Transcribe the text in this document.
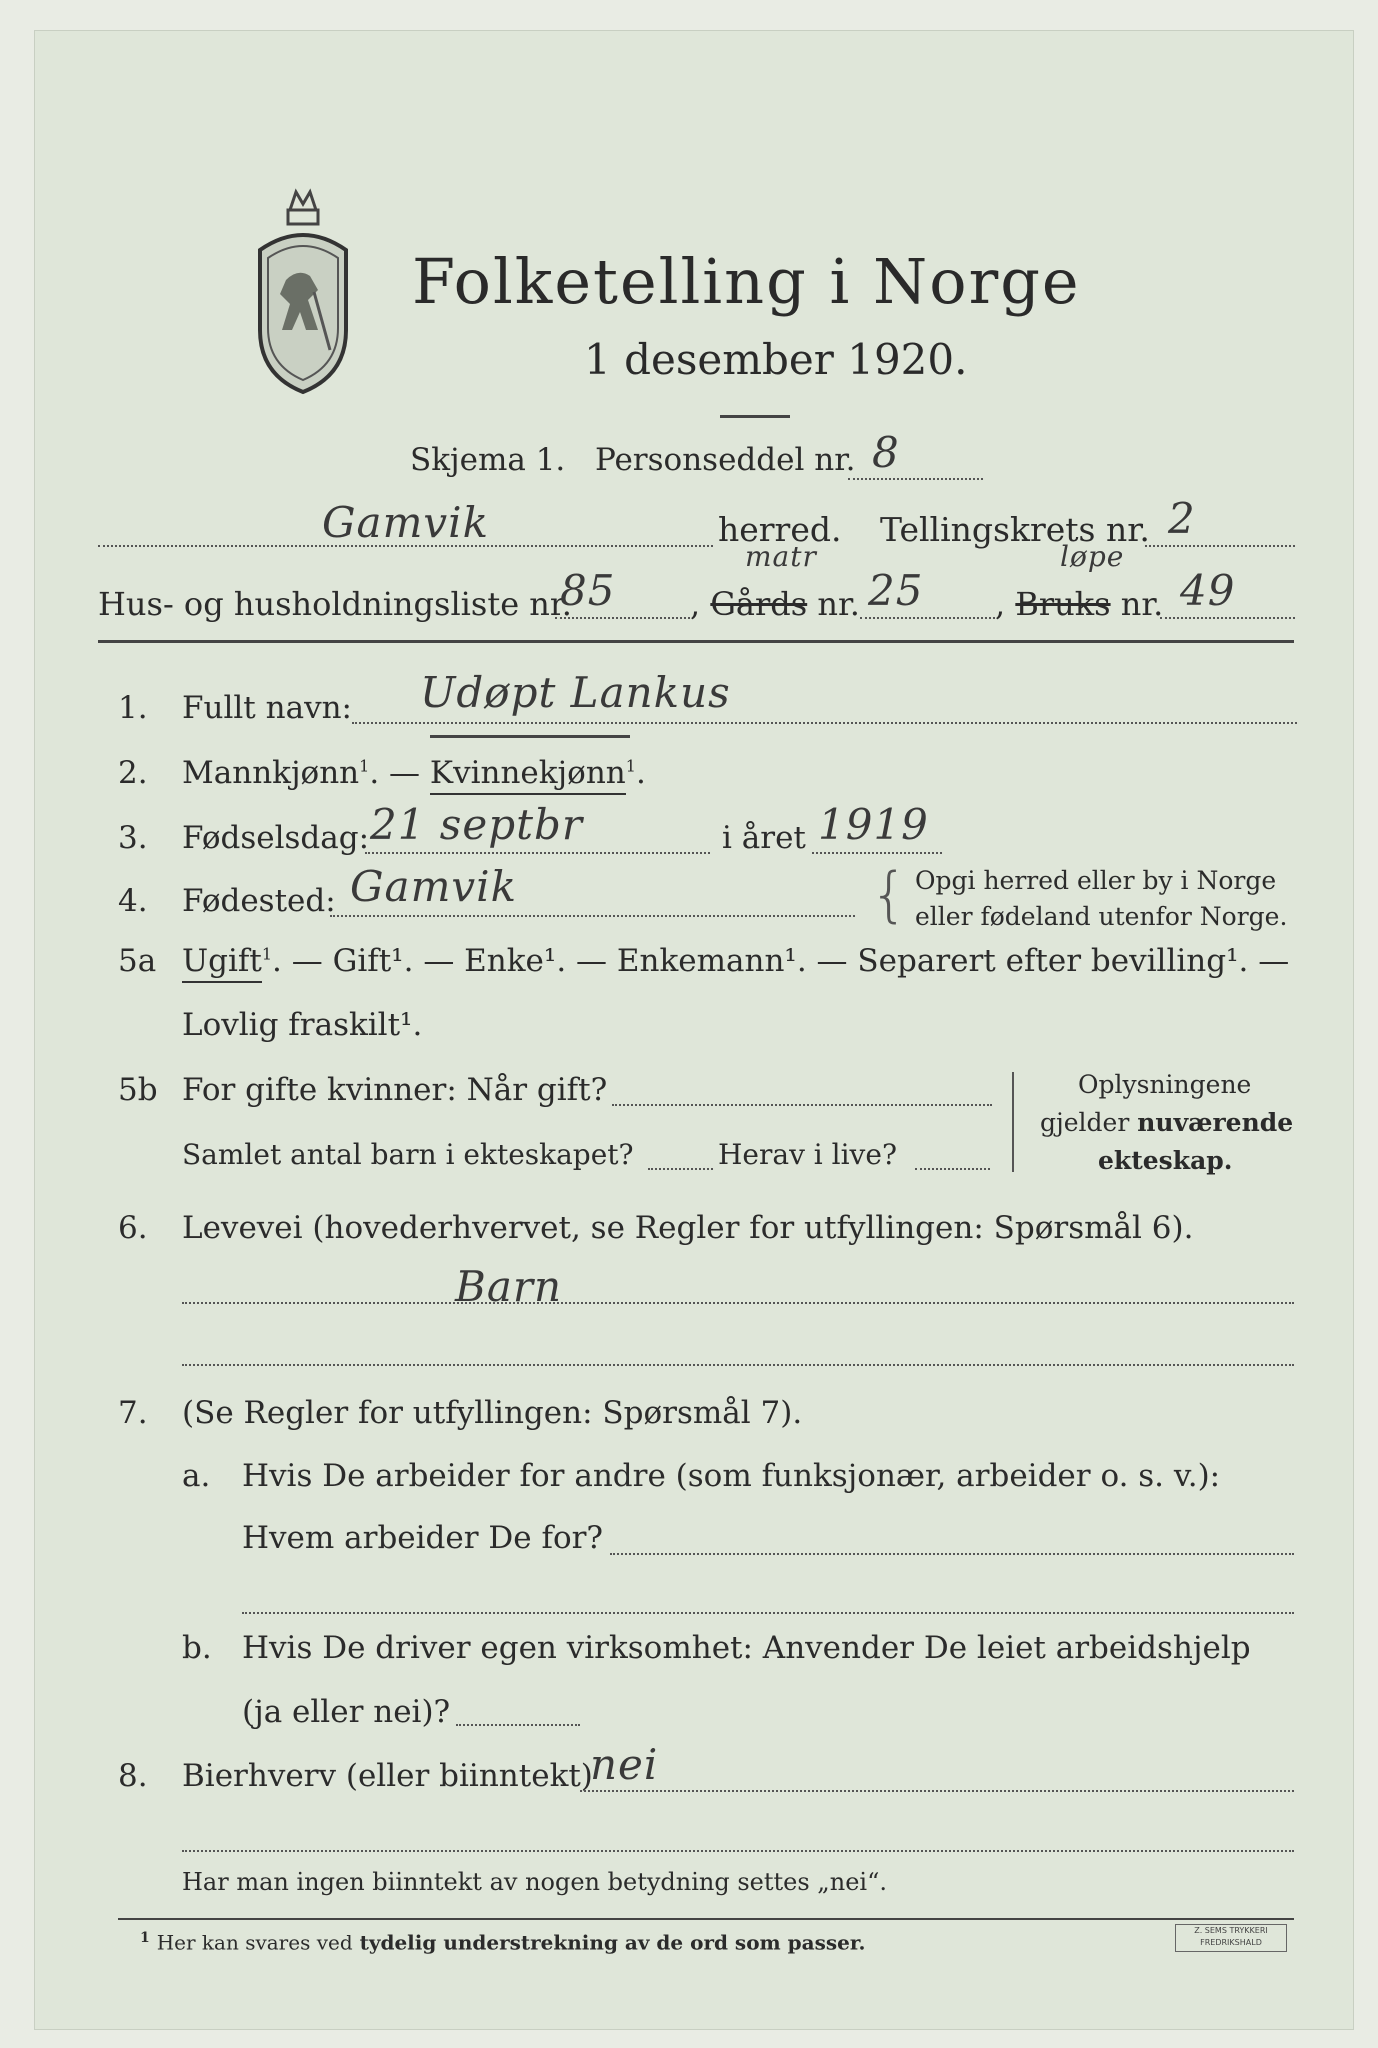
Folketelling i Norge
1 desember 1920.
Skjema 1. Personseddel nr. 8
Gamvik	herred. Tellingskrets nr. 2
Hus- og husholdningsliste nr.
85 , Gårds nr.
matr
25 , Bruks nr.
løpe
49
1. Fullt navn: Udøpt Lankus
2. Mannkjønn$^1$. — Kvinnekjønn$^1$.
3. Fødselsdag: 21 septbr	i året 1919
4. Fødested: Gamvik	{ Opgi herred eller by i Norge
eller fødeland utenfor Norge.
5a Ugift$^1$. — Gift¹. — Enke¹. — Enkemann¹. — Separert efter bevilling¹. —
Lovlig fraskilt¹.
5b For gifte kvinner: Når gift?
Samlet antal barn i ekteskapet?	Herav i live?
Oplysningene
gjelder nuværende
ekteskap.
6. Levevei (hovederhvervet, se Regler for utfyllingen: Spørsmål 6).
Barn
7. (Se Regler for utfyllingen: Spørsmål 7).
a. Hvis De arbeider for andre (som funksjonær, arbeider o. s. v.):
Hvem arbeider De for?
b. Hvis De driver egen virksomhet: Anvender De leiet arbeidshjelp
(ja eller nei)?
8. Bierhverv (eller biinntekt)
nei
Har man ingen biinntekt av nogen betydning settes „nei“.
$^1$ Her kan svares ved tydelig understrekning av de ord som passer.
Z. SEMS TRYKKERI FREDRIKSHALD
